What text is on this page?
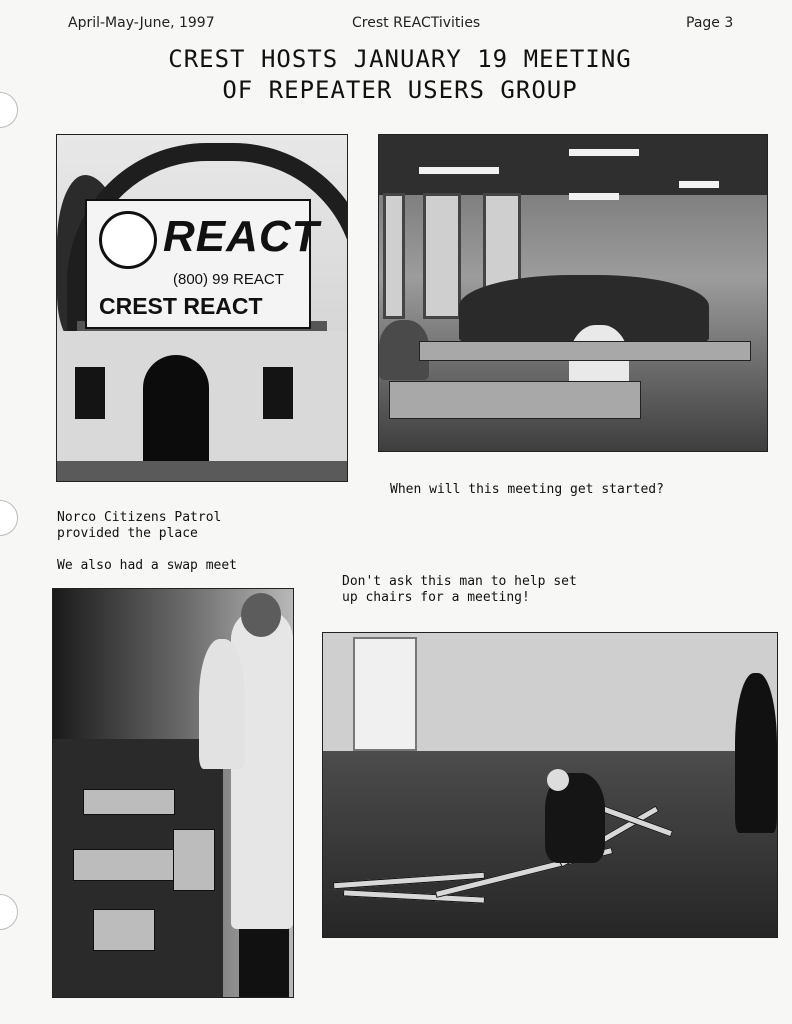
April-May-June, 1997	Crest REACTivities	Page 3
CREST HOSTS JANUARY 19 MEETING
OF REPEATER USERS GROUP
REACT
(800) 99 REACT
CREST REACT
When will this meeting get started?
Norco Citizens Patrol
provided the place
We also had a swap meet
Don't ask this man to help set
up chairs for a meeting!
